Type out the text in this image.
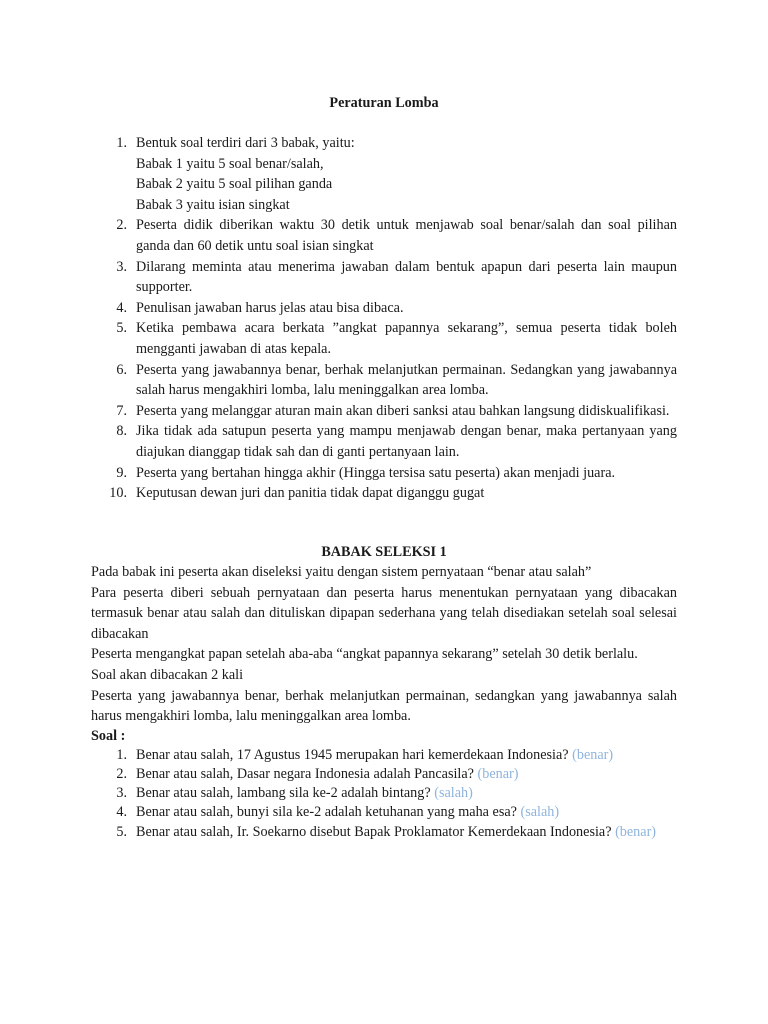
Peraturan Lomba
1. Bentuk soal terdiri dari 3 babak, yaitu:
Babak 1 yaitu 5 soal benar/salah,
Babak 2 yaitu 5 soal pilihan ganda
Babak 3 yaitu isian singkat
2. Peserta didik diberikan waktu 30 detik untuk menjawab soal benar/salah dan soal pilihan ganda dan 60 detik untu soal isian singkat
3. Dilarang meminta atau menerima jawaban dalam bentuk apapun dari peserta lain maupun supporter.
4. Penulisan jawaban harus jelas atau bisa dibaca.
5. Ketika pembawa acara berkata ”angkat papannya sekarang”, semua peserta tidak boleh mengganti jawaban di atas kepala.
6. Peserta yang jawabannya benar, berhak melanjutkan permainan. Sedangkan yang jawabannya salah harus mengakhiri lomba, lalu meninggalkan area lomba.
7. Peserta yang melanggar aturan main akan diberi sanksi atau bahkan langsung didiskualifikasi.
8. Jika tidak ada satupun peserta yang mampu menjawab dengan benar, maka pertanyaan yang diajukan dianggap tidak sah dan di ganti pertanyaan lain.
9. Peserta yang bertahan hingga akhir (Hingga tersisa satu peserta) akan menjadi juara.
10. Keputusan dewan juri dan panitia tidak dapat diganggu gugat

BABAK SELEKSI 1

Pada babak ini peserta akan diseleksi yaitu dengan sistem pernyataan “benar atau salah”

Para peserta diberi sebuah pernyataan dan peserta harus menentukan pernyataan yang dibacakan termasuk benar atau salah dan dituliskan dipapan sederhana yang telah disediakan setelah soal selesai dibacakan

Peserta mengangkat papan setelah aba-aba “angkat papannya sekarang” setelah 30 detik berlalu.

Soal akan dibacakan 2 kali

Peserta yang jawabannya benar, berhak melanjutkan permainan, sedangkan yang jawabannya salah harus mengakhiri lomba, lalu meninggalkan area lomba.

Soal :
1. Benar atau salah, 17 Agustus 1945 merupakan hari kemerdekaan Indonesia? (benar)
2. Benar atau salah, Dasar negara Indonesia adalah Pancasila? (benar)
3. Benar atau salah, lambang sila ke-2 adalah bintang? (salah)
4. Benar atau salah, bunyi sila ke-2 adalah ketuhanan yang maha esa? (salah)
5. Benar atau salah, Ir. Soekarno disebut Bapak Proklamator Kemerdekaan Indonesia? (benar)
